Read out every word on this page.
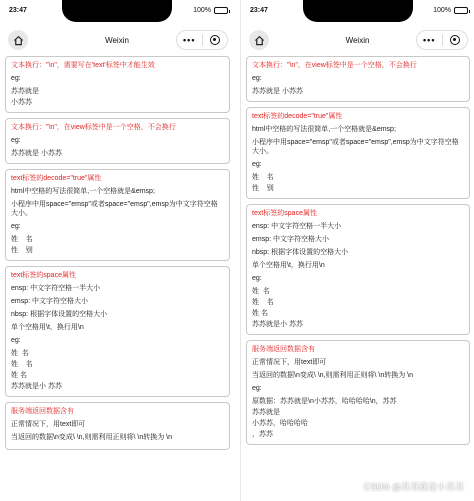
23:47	100%
Weixin	•••
文本换行："\n"，需要写在'text'标签中才能生效
eg:
苏苏就是
小苏苏
文本换行："\n"，在view标签中是一个空格，不会换行
eg:
苏苏就是 小苏苏
text标签的decode="true"属性
html中空格的写法很简单,一个空格就是&emsp;
小程序中用space="emsp"或者space="emsp",emsp为中文字符空格大小。
eg:
姓    名
性    别
text标签的space属性
ensp: 中文字符空格一半大小
emsp: 中文字符空格大小
nbsp: 根据字体设置的空格大小
单个空格用\t，换行用\n
eg:
姓  名
姓    名
姓 名
苏苏就是小 苏苏
服务端返回数据含有
正常情况下，用text即可
当返回的数据\n变成\ \n,则需利用正则将\ \n转换为 \n
23:47	100%
Weixin	•••
文本换行："\n"，在view标签中是一个空格，不会换行
eg:
苏苏就是 小苏苏
text标签的decode="true"属性
html中空格的写法很简单,一个空格就是&emsp;
小程序中用space="emsp"或者space="emsp",emsp为中文字符空格大小。
eg:
姓    名
性    别
text标签的space属性
ensp: 中文字符空格一半大小
emsp: 中文字符空格大小
nbsp: 根据字体设置的空格大小
单个空格用\t，换行用\n
eg:
姓  名
姓    名
姓 名
苏苏就是小 苏苏
服务端返回数据含有
正常情况下，用text即可
当返回的数据\n变成\ \n,则需利用正则将\ \n转换为 \n
eg:
原数据：苏苏就是\n小苏苏，哈哈哈哈\n，苏苏
苏苏就是
小苏苏，哈哈哈哈
，苏苏
CSDN @苏苏就是小苏苏
